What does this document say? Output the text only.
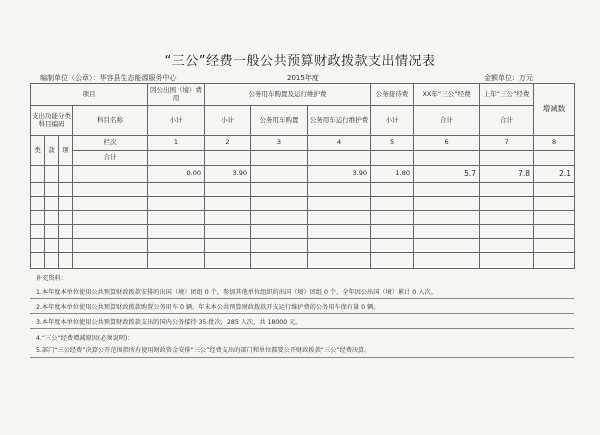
“三公”经费一般公共预算财政拨款支出情况表
编制单位（公章）：华容县生态能源服务中心	2015年度	金额单位：万元
项目				因公出国（境）费用	公务用车购置及运行维护费			公务接待费	XX年“三公”经费	上年“三公”经费	增减数
支出功能分类科目编码			科目名称	小计	小计	公务用车购置	公务用车运行维护费	小计	合计	合计	
类	款	项	栏次	1	2	3	4	5	6	7	8
			合计								
				0.00	3.90		3.90	1.80	5.7	7.8	2.1

补充资料：
1.本年度本单位使用公共预算财政拨款安排的出国（境）团组 0 个，参加其他单位组织的出国（境）团组 0 个，全年因公出国（境）累计 0 人次。
2.本年度本单位使用公共预算财政拨款购置公务用车 0 辆，年末本公共预算财政拨款开支运行维护费的公务用车保有量 0 辆。
3.本年度本单位使用公共预算财政拨款支出的国内公务接待 35 批次，285 人次，共 18000 元。
4.“三公”经费增减原因(必须说明)：
5.部门“三公经费”决算公开范围指所有使用财政资金安排“三公”经费支出的部门和单位都要公开财政拨款“三公”经费决算。
